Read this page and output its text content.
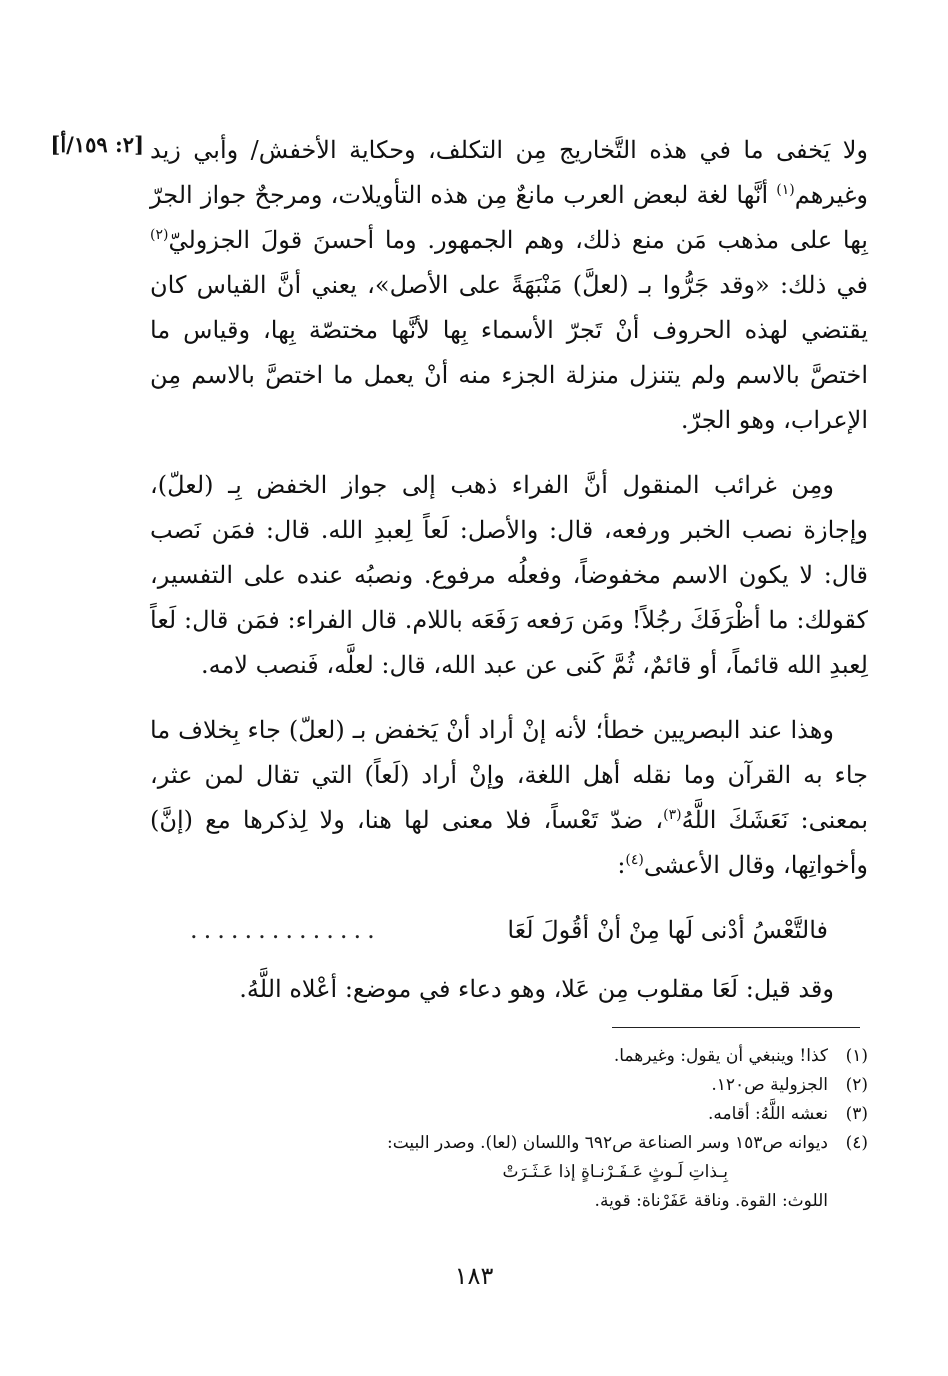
[٢: ١٥٩/أ] ولا يَخفى ما في هذه التَّخاريج مِن التكلف، وحكاية الأخفش/ وأبي زيد وغيرهم$^{(١)}$ أنَّها لغة لبعض العرب مانعٌ مِن هذه التأويلات، ومرجحٌ جواز الجرّ بِها على مذهب مَن منع ذلك، وهم الجمهور. وما أحسنَ قولَ الجزوليّ$^{(٢)}$ في ذلك: «وقد جَرُّوا بـ (لعلَّ) مَنْبَهَةً على الأصل»، يعني أنَّ القياس كان يقتضي لهذه الحروف أنْ تَجرّ الأسماء بِها لأنَّها مختصّة بِها، وقياس ما اختصَّ بالاسم ولم يتنزل منزلة الجزء منه أنْ يعمل ما اختصَّ بالاسم مِن الإعراب، وهو الجرّ.

ومِن غرائب المنقول أنَّ الفراء ذهب إلى جواز الخفض بِـ (لعلّ)، وإجازة نصب الخبر ورفعه، قال: والأصل: لَعاً لِعبدِ الله. قال: فمَن نَصب قال: لا يكون الاسم مخفوضاً، وفعلُه مرفوع. ونصبُه عنده على التفسير، كقولك: ما أظْرَفَكَ رجُلاً! ومَن رَفعه رَفَعَه باللام. قال الفراء: فمَن قال: لَعاً لِعبدِ الله قائماً، أو قائمٌ، ثُمَّ كَنى عن عبد الله، قال: لعلَّه، فَنصب لامه.

وهذا عند البصريين خطأ؛ لأنه إنْ أراد أنْ يَخفض بـ (لعلّ) جاء بِخلاف ما جاء به القرآن وما نقله أهل اللغة، وإنْ أراد (لَعاً) التي تقال لمن عثر، بمعنى: نَعَشَكَ اللَّهُ$^{(٣)}$، ضدّ تَعْساً، فلا معنى لها هنا، ولا لِذكرها مع (إنَّ) وأخواتِها، وقال الأعشى$^{(٤)}$:

فالتَّعْسُ أدْنى لَها مِنْ أنْ أقُولَ لَعَا
..............

وقد قيل: لَعَا مقلوب مِن عَلا، وهو دعاء في موضع: أعْلاه اللَّهُ.

(١)
كذا! وينبغي أن يقول: وغيرهما.
(٢)
الجزولية ص١٢٠.
(٣)
نعشه اللَّهُ: أقامه.
(٤)
ديوانه ص١٥٣ وسر الصناعة ص٦٩٢ واللسان (لعا). وصدر البيت:
بِـذاتِ لَـوثٍ عَـفَـرْنـاةٍ إذا عَـثَـرَتْ
اللوث: القوة. وناقة عَفَرْناة: قوية.
١٨٣
